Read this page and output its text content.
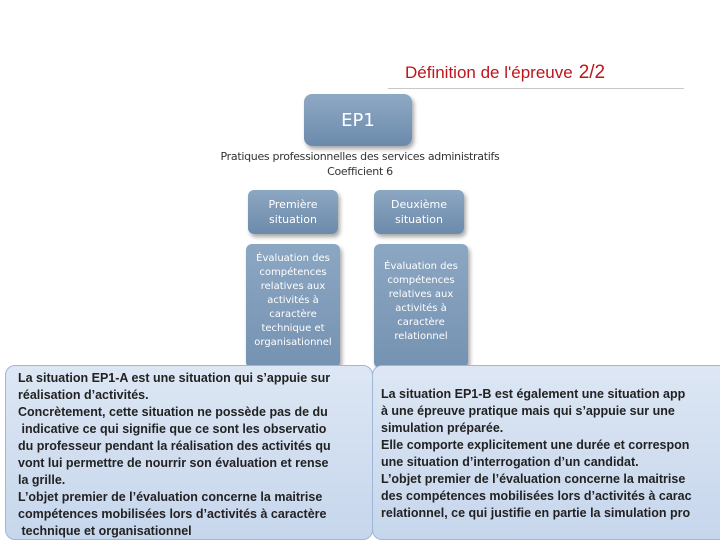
Définition de l'épreuve 2/2
EP1
Pratiques professionnelles des services administratifs
Coefficient 6
Première
situation
Deuxième
situation
Évaluation des
compétences
relatives aux
activités à
caractère
technique et
organisationnel
Évaluation des
compétences
relatives aux
activités à
caractère
relationnel

La situation EP1-A est une situation qui s’appuie sur

réalisation d’activités.

Concrètement, cette situation ne possède pas de du

indicative ce qui signifie que ce sont les observatio

du professeur pendant la réalisation des activités qu

vont lui permettre de nourrir son évaluation et rense

la grille.

L’objet premier de l’évaluation concerne la maitrise

compétences mobilisées lors d’activités à caractère

technique et organisationnel

La situation EP1-B est également une situation app

à une épreuve pratique mais qui s’appuie sur une

simulation préparée.

Elle comporte explicitement une durée et correspon

une situation d’interrogation d’un candidat.

L’objet premier de l’évaluation concerne la maitrise

des compétences mobilisées lors d’activités à carac

relationnel, ce qui justifie en partie la simulation pro
